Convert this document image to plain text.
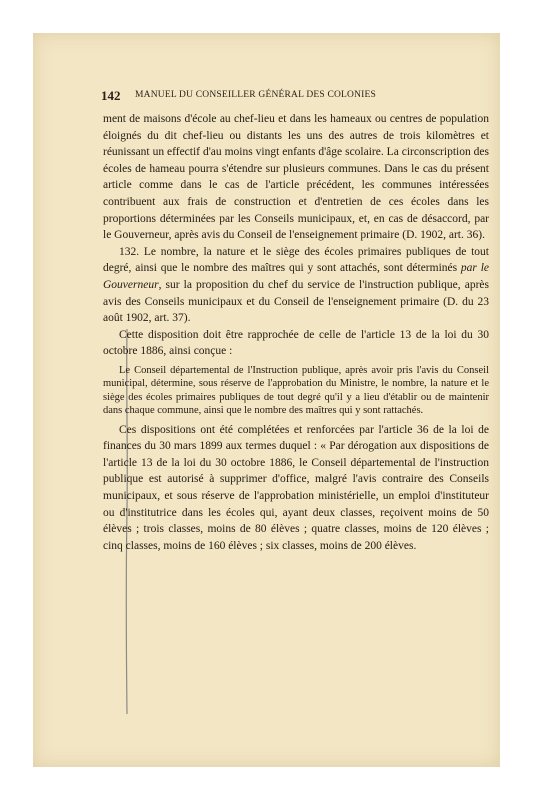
142 MANUEL DU CONSEILLER GÉNÉRAL DES COLONIES

ment de maisons d'école au chef-lieu et dans les hameaux ou centres de population éloignés du dit chef-lieu ou distants les uns des autres de trois kilomètres et réunissant un effectif d'au moins vingt enfants d'âge scolaire. La circonscription des écoles de hameau pourra s'étendre sur plusieurs communes. Dans le cas du présent article comme dans le cas de l'article précédent, les communes intéressées contribuent aux frais de construction et d'entretien de ces écoles dans les proportions déterminées par les Conseils municipaux, et, en cas de désaccord, par le Gouverneur, après avis du Conseil de l'enseignement primaire (D. 1902, art. 36).

132. Le nombre, la nature et le siège des écoles primaires publiques de tout degré, ainsi que le nombre des maîtres qui y sont attachés, sont déterminés par le Gouverneur, sur la proposition du chef du service de l'instruction publique, après avis des Conseils municipaux et du Conseil de l'enseignement primaire (D. du 23 août 1902, art. 37).

Cette disposition doit être rapprochée de celle de l'article 13 de la loi du 30 octobre 1886, ainsi conçue :

Le Conseil départemental de l'Instruction publique, après avoir pris l'avis du Conseil municipal, détermine, sous réserve de l'approbation du Ministre, le nombre, la nature et le siège des écoles primaires publiques de tout degré qu'il y a lieu d'établir ou de maintenir dans chaque commune, ainsi que le nombre des maîtres qui y sont rattachés.

Ces dispositions ont été complétées et renforcées par l'article 36 de la loi de finances du 30 mars 1899 aux termes duquel : « Par dérogation aux dispositions de l'article 13 de la loi du 30 octobre 1886, le Conseil départemental de l'instruction publique est autorisé à supprimer d'office, malgré l'avis contraire des Conseils municipaux, et sous réserve de l'approbation ministérielle, un emploi d'instituteur ou d'institutrice dans les écoles qui, ayant deux classes, reçoivent moins de 50 élèves ; trois classes, moins de 80 élèves ; quatre classes, moins de 120 élèves ; cinq classes, moins de 160 élèves ; six classes, moins de 200 élèves.
